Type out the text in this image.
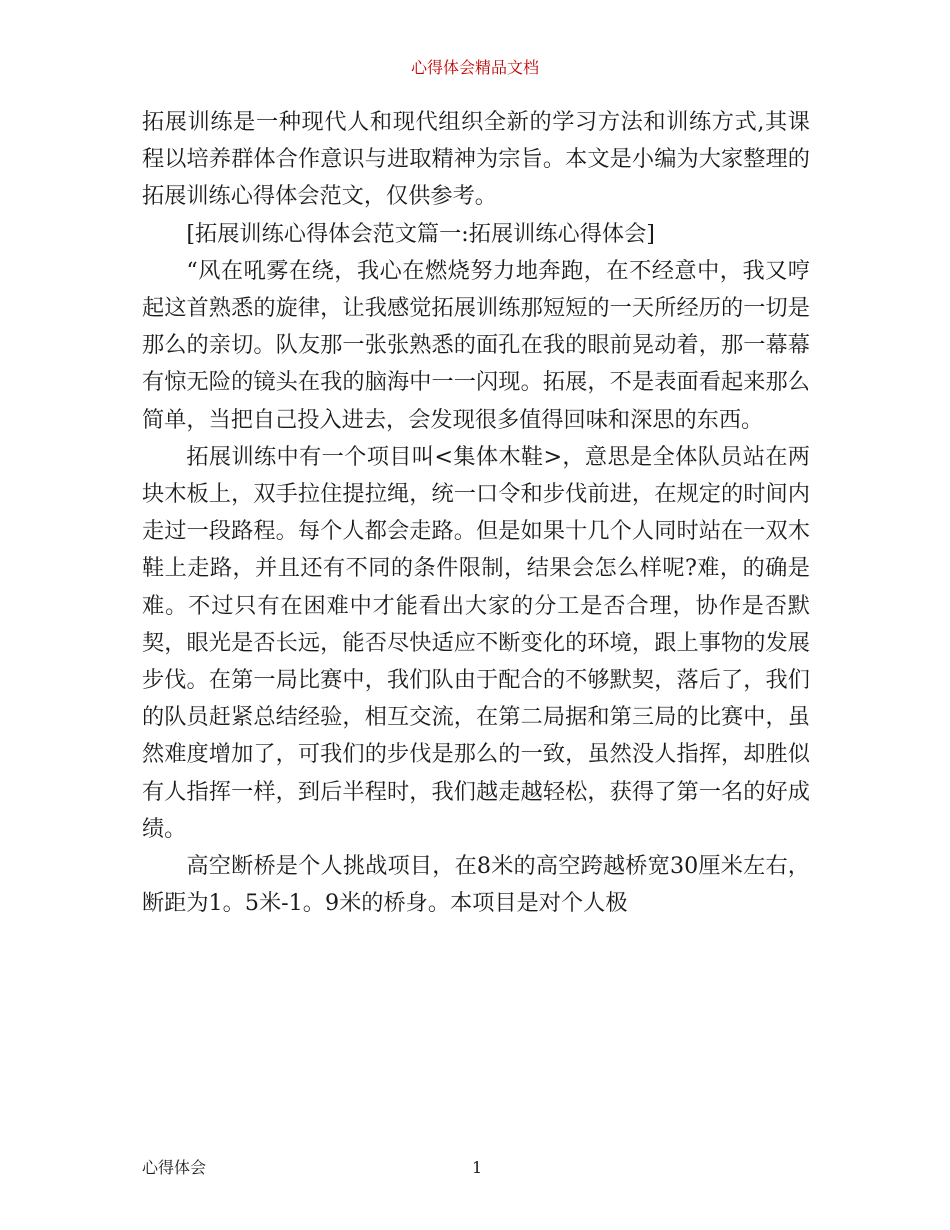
心得体会精品文档

拓展训练是一种现代人和现代组织全新的学习方法和训练方式,其课程以培养群体合作意识与进取精神为宗旨。本文是小编为大家整理的拓展训练心得体会范文，仅供参考。

[拓展训练心得体会范文篇一:拓展训练心得体会]

“风在吼雾在绕，我心在燃烧努力地奔跑，在不经意中，我又哼起这首熟悉的旋律，让我感觉拓展训练那短短的一天所经历的一切是那么的亲切。队友那一张张熟悉的面孔在我的眼前晃动着，那一幕幕有惊无险的镜头在我的脑海中一一闪现。拓展，不是表面看起来那么简单，当把自己投入进去，会发现很多值得回味和深思的东西。

拓展训练中有一个项目叫<集体木鞋>，意思是全体队员站在两块木板上，双手拉住提拉绳，统一口令和步伐前进，在规定的时间内走过一段路程。每个人都会走路。但是如果十几个人同时站在一双木鞋上走路，并且还有不同的条件限制，结果会怎么样呢?难，的确是难。不过只有在困难中才能看出大家的分工是否合理，协作是否默契，眼光是否长远，能否尽快适应不断变化的环境，跟上事物的发展步伐。在第一局比赛中，我们队由于配合的不够默契，落后了，我们的队员赶紧总结经验，相互交流，在第二局据和第三局的比赛中，虽然难度增加了，可我们的步伐是那么的一致，虽然没人指挥，却胜似有人指挥一样，到后半程时，我们越走越轻松，获得了第一名的好成绩。

高空断桥是个人挑战项目，在8米的高空跨越桥宽30厘米左右，断距为1。5米-1。9米的桥身。本项目是对个人极

心得体会	1
